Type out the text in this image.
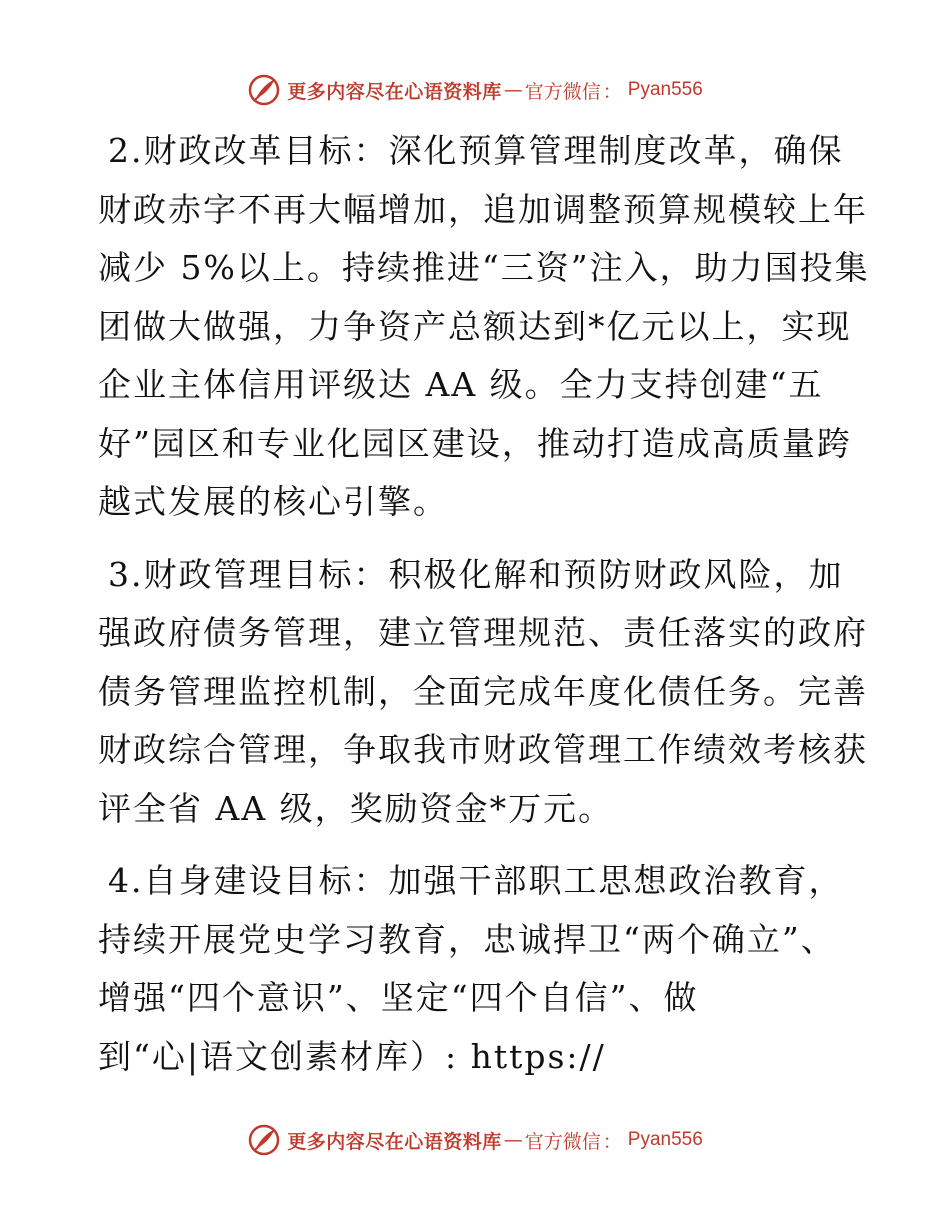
更多内容尽在心语资料库 — 官方微信 ： Pyan556
2.财政改革目标：深化预算管理制度改革，确保
财政赤字不再大幅增加，追加调整预算规模较上年
减少 5%以上。持续推进“三资”注入，助力国投集
团做大做强，力争资产总额达到*亿元以上，实现
企业主体信用评级达 AA 级。全力支持创建“五
好”园区和专业化园区建设，推动打造成高质量跨
越式发展的核心引擎。
3.财政管理目标：积极化解和预防财政风险，加
强政府债务管理，建立管理规范、责任落实的政府
债务管理监控机制，全面完成年度化债任务。完善
财政综合管理，争取我市财政管理工作绩效考核获
评全省 AA 级，奖励资金*万元。
4.自身建设目标：加强干部职工思想政治教育，
持续开展党史学习教育，忠诚捍卫“两个确立”、
增强“四个意识”、坚定“四个自信”、做
到“心|语文创素材库）: https://
更多内容尽在心语资料库 — 官方微信 ： Pyan556
